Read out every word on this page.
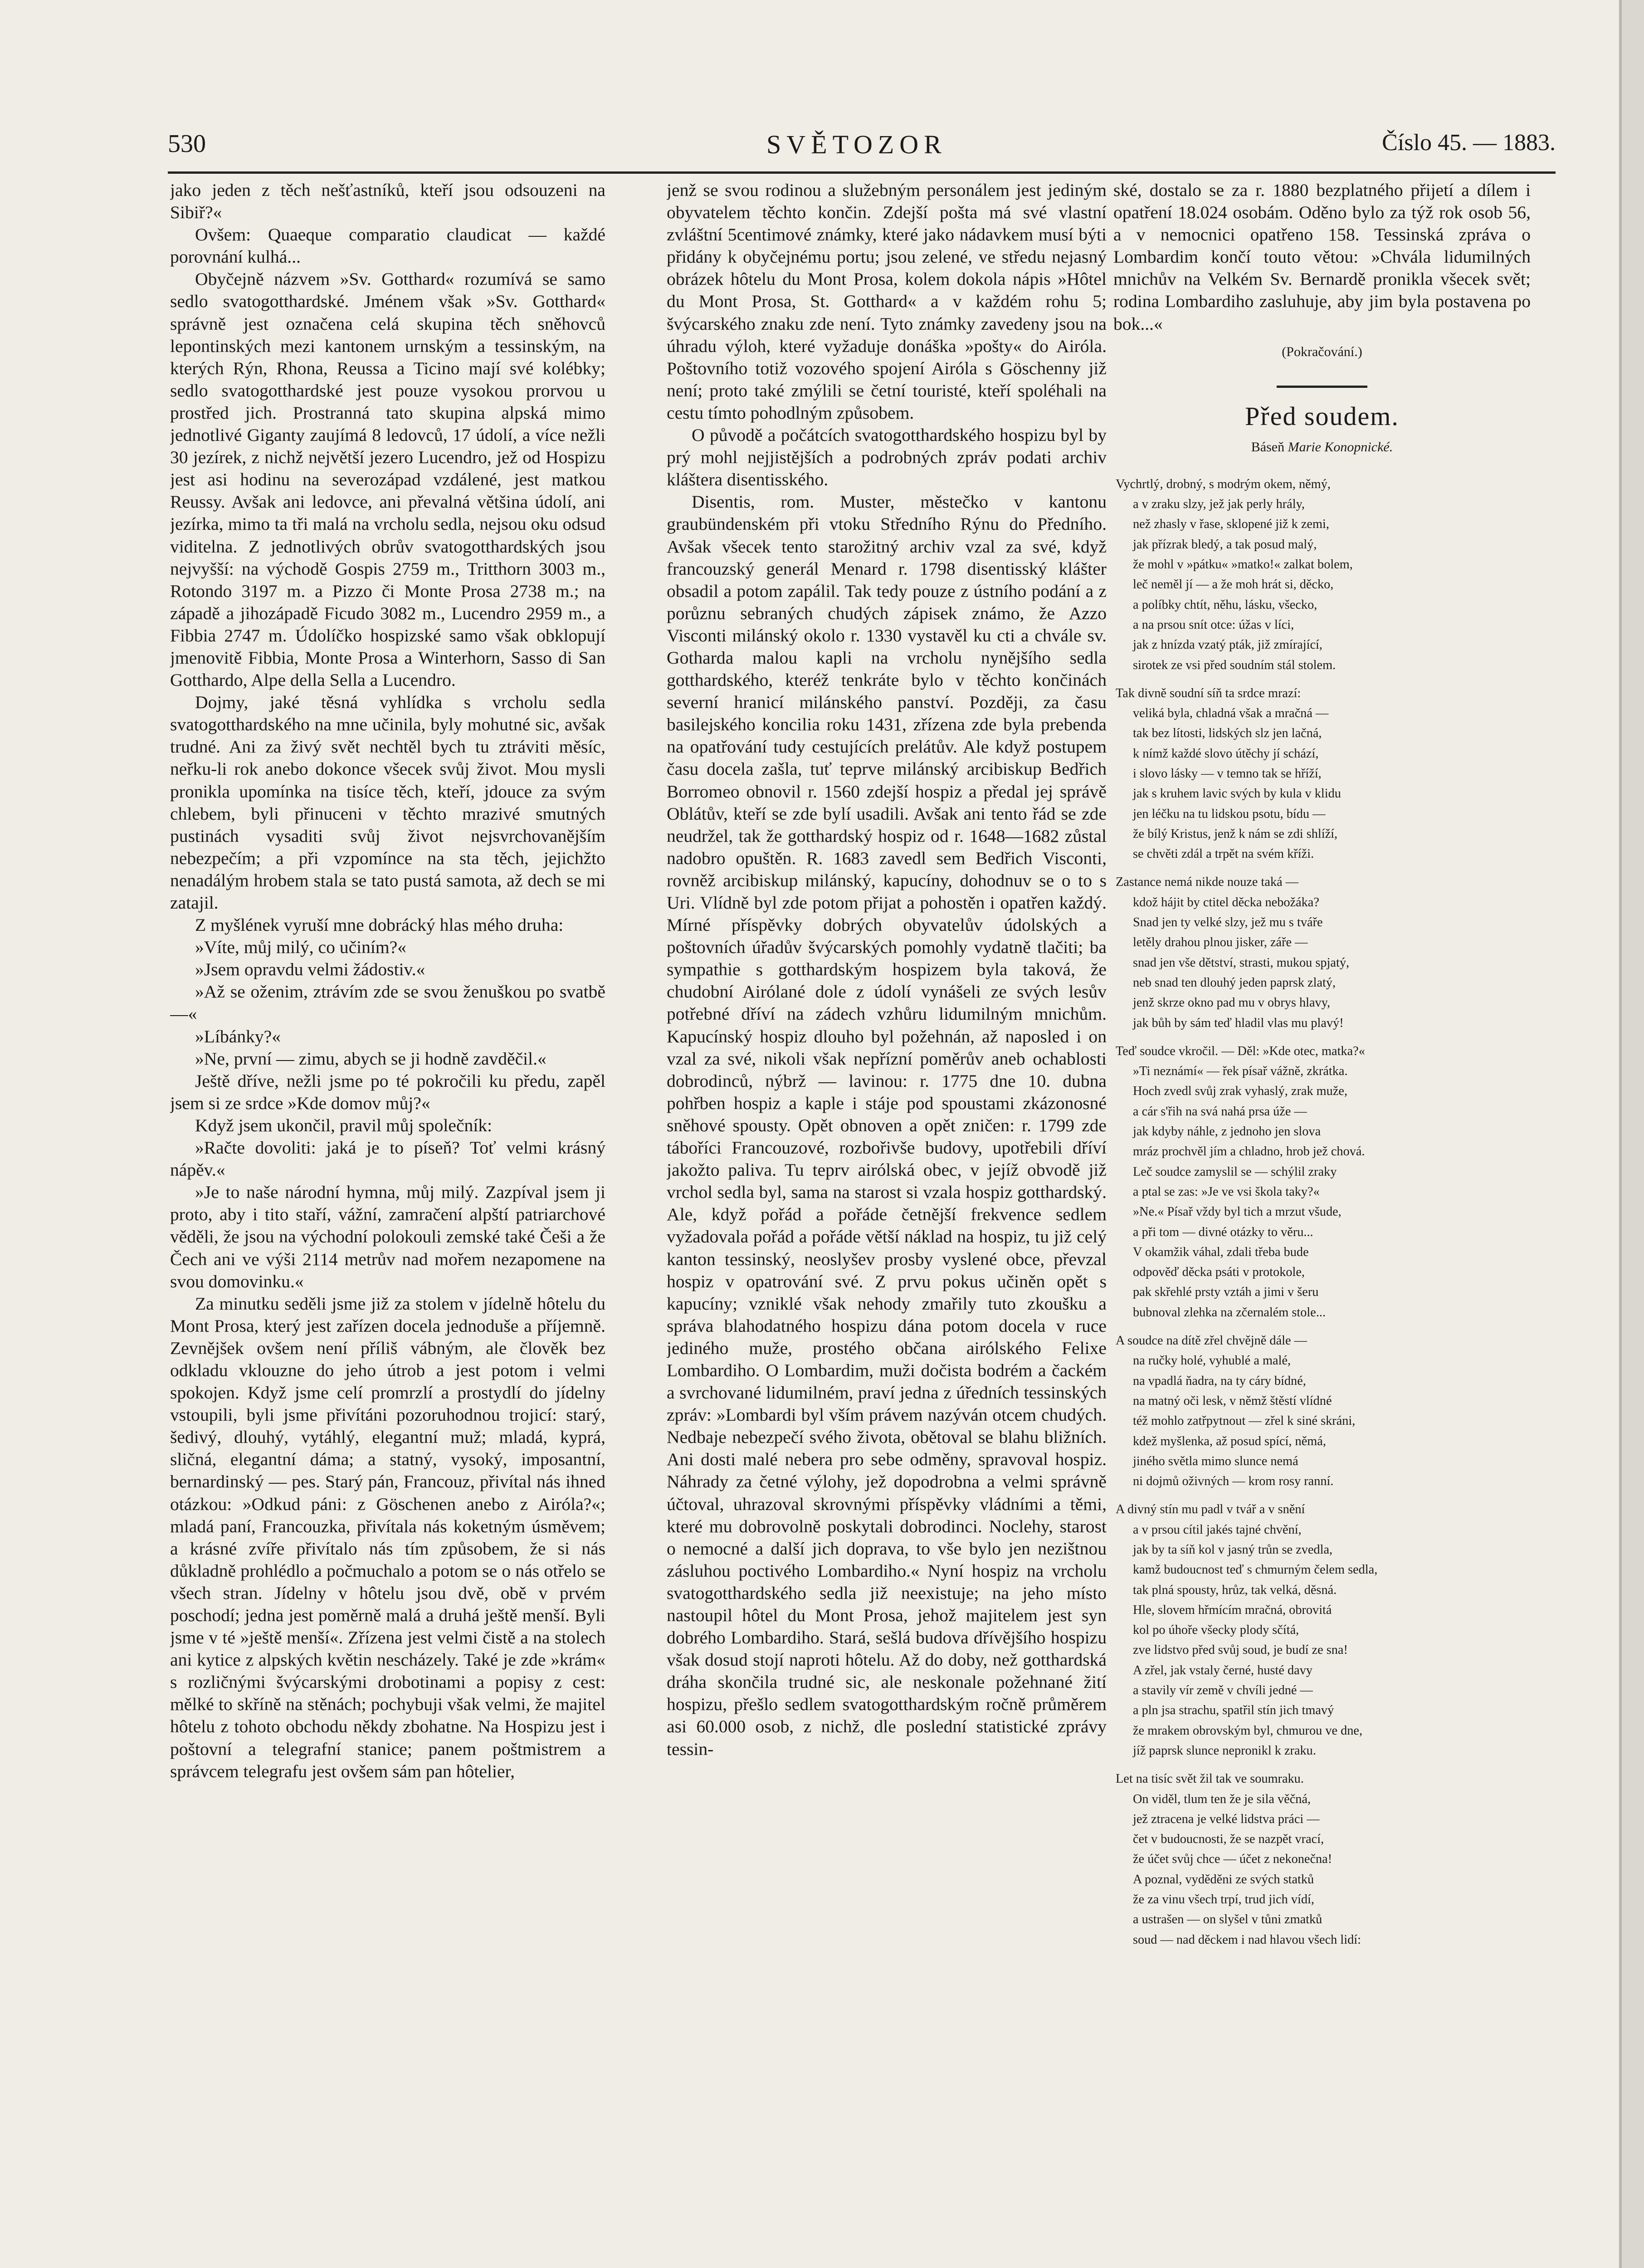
530	SVĚTOZOR	Číslo 45. — 1883.

jako jeden z těch nešťastníků, kteří jsou odsouzeni na Sibiř?«

Ovšem: Quaeque comparatio claudicat — každé porovnání kulhá...

Obyčejně názvem »Sv. Gotthard« rozumívá se samo sedlo svatogotthardské. Jménem však »Sv. Gotthard« správně jest označena celá skupina těch sněhovců lepontinských mezi kantonem urnským a tessinským, na kterých Rýn, Rhona, Reussa a Ticino mají své kolébky; sedlo svatogotthardské jest pouze vysokou prorvou u prostřed jich. Prostranná tato skupina alpská mimo jednotlivé Giganty zaujímá 8 ledovců, 17 údolí, a více nežli 30 jezírek, z nichž největší jezero Lucendro, jež od Hospizu jest asi hodinu na severozápad vzdálené, jest matkou Reussy. Avšak ani ledovce, ani převalná většina údolí, ani jezírka, mimo ta tři malá na vrcholu sedla, nejsou oku odsud viditelna. Z jednotlivých obrův svatogotthardských jsou nejvyšší: na východě Gospis 2759 m., Tritthorn 3003 m., Rotondo 3197 m. a Pizzo či Monte Prosa 2738 m.; na západě a jihozápadě Ficudo 3082 m., Lucendro 2959 m., a Fibbia 2747 m. Údolíčko hospizské samo však obklopují jmenovitě Fibbia, Monte Prosa a Winterhorn, Sasso di San Gotthardo, Alpe della Sella a Lucendro.

Dojmy, jaké těsná vyhlídka s vrcholu sedla svatogotthardského na mne učinila, byly mohutné sic, avšak trudné. Ani za živý svět nechtěl bych tu ztráviti měsíc, neřku-li rok anebo dokonce všecek svůj život. Mou mysli pronikla upomínka na tisíce těch, kteří, jdouce za svým chlebem, byli přinuceni v těchto mrazivé smutných pustinách vysaditi svůj život nejsvrchovanějším nebezpečím; a při vzpomínce na sta těch, jejichžto nenadálým hrobem stala se tato pustá samota, až dech se mi zatajil.

Z myšlének vyruší mne dobrácký hlas mého druha:

»Víte, můj milý, co učiním?«

»Jsem opravdu velmi žádostiv.«

»Až se oženim, ztrávím zde se svou ženuškou po svatbě —«

»Líbánky?«

»Ne, první — zimu, abych se ji hodně zavděčil.«

Ještě dříve, nežli jsme po té pokročili ku předu, zapěl jsem si ze srdce »Kde domov můj?«

Když jsem ukončil, pravil můj společník:

»Račte dovoliti: jaká je to píseň? Toť velmi krásný nápěv.«

»Je to naše národní hymna, můj milý. Zazpíval jsem ji proto, aby i tito staří, vážní, zamračení alpští patriarchové věděli, že jsou na východní polokouli zemské také Češi a že Čech ani ve výši 2114 metrův nad mořem nezapomene na svou domovinku.«

Za minutku seděli jsme již za stolem v jídelně hôtelu du Mont Prosa, který jest zařízen docela jednoduše a příjemně. Zevnějšek ovšem není příliš vábným, ale člověk bez odkladu vklouzne do jeho útrob a jest potom i velmi spokojen. Když jsme celí promrzlí a prostydlí do jídelny vstoupili, byli jsme přivítáni pozoruhodnou trojicí: starý, šedivý, dlouhý, vytáhlý, elegantní muž; mladá, kyprá, sličná, elegantní dáma; a statný, vysoký, imposantní, bernardinský — pes. Starý pán, Francouz, přivítal nás ihned otázkou: »Odkud páni: z Göschenen anebo z Airóla?«; mladá paní, Francouzka, přivítala nás koketným úsměvem; a krásné zvíře přivítalo nás tím způsobem, že si nás důkladně prohlédlo a počmuchalo a potom se o nás otřelo se všech stran. Jídelny v hôtelu jsou dvě, obě v prvém poschodí; jedna jest poměrně malá a druhá ještě menší. Byli jsme v té »ještě menší«. Zřízena jest velmi čistě a na stolech ani kytice z alpských květin nescházely. Také je zde »krám« s rozličnými švýcarskými drobotinami a popisy z cest: mělké to skříně na stěnách; pochybuji však velmi, že majitel hôtelu z tohoto obchodu někdy zbohatne. Na Hospizu jest i poštovní a telegrafní stanice; panem poštmistrem a správcem telegrafu jest ovšem sám pan hôtelier,

jenž se svou rodinou a služebným personálem jest jediným obyvatelem těchto končin. Zdejší pošta má své vlastní zvláštní 5centimové známky, které jako nádavkem musí býti přidány k obyčejnému portu; jsou zelené, ve středu nejasný obrázek hôtelu du Mont Prosa, kolem dokola nápis »Hôtel du Mont Prosa, St. Gotthard« a v každém rohu 5; švýcarského znaku zde není. Tyto známky zavedeny jsou na úhradu výloh, které vyžaduje donáška »pošty« do Airóla. Poštovního totiž vozového spojení Airóla s Göschenny již není; proto také zmýlili se četní touristé, kteří spoléhali na cestu tímto pohodlným způsobem.

O původě a počátcích svatogotthardského hospizu byl by prý mohl nejjistějších a podrobných zpráv podati archiv kláštera disentisského.

Disentis, rom. Muster, městečko v kantonu graubündenském při vtoku Středního Rýnu do Předního. Avšak všecek tento starožitný archiv vzal za své, když francouzský generál Menard r. 1798 disentisský klášter obsadil a potom zapálil. Tak tedy pouze z ústního podání a z porůznu sebraných chudých zápisek známo, že Azzo Visconti milánský okolo r. 1330 vystavěl ku cti a chvále sv. Gotharda malou kapli na vrcholu nynějšího sedla gotthardského, kteréž tenkráte bylo v těchto končinách severní hranicí milánského panství. Později, za času basilejského koncilia roku 1431, zřízena zde byla prebenda na opatřování tudy cestujících prelátův. Ale když postupem času docela zašla, tuť teprve milánský arcibiskup Bedřich Borromeo obnovil r. 1560 zdejší hospiz a předal jej správě Oblátův, kteří se zde bylí usadili. Avšak ani tento řád se zde neudržel, tak že gotthardský hospiz od r. 1648—1682 zůstal nadobro opuštěn. R. 1683 zavedl sem Bedřich Visconti, rovněž arcibiskup milánský, kapucíny, dohodnuv se o to s Uri. Vlídně byl zde potom přijat a pohostěn i opatřen každý. Mírné příspěvky dobrých obyvatelův údolských a poštovních úřadův švýcarských pomohly vydatně tlačiti; ba sympathie s gotthardským hospizem byla taková, že chudobní Airólané dole z údolí vynášeli ze svých lesův potřebné dříví na zádech vzhůru lidumilným mnichům. Kapucínský hospiz dlouho byl požehnán, až naposled i on vzal za své, nikoli však nepřízní poměrův aneb ochablosti dobrodinců, nýbrž — lavinou: r. 1775 dne 10. dubna pohřben hospiz a kaple i stáje pod spoustami zkázonosné sněhové spousty. Opět obnoven a opět zničen: r. 1799 zde táboříci Francouzové, rozbořivše budovy, upotřebili dříví jakožto paliva. Tu teprv airólská obec, v jejíž obvodě již vrchol sedla byl, sama na starost si vzala hospiz gotthardský. Ale, když pořád a pořáde četnější frekvence sedlem vyžadovala pořád a pořáde větší náklad na hospiz, tu již celý kanton tessinský, neoslyšev prosby vyslené obce, převzal hospiz v opatrování své. Z prvu pokus učiněn opět s kapucíny; vzniklé však nehody zmařily tuto zkoušku a správa blahodatného hospizu dána potom docela v ruce jediného muže, prostého občana airólského Felixe Lombardiho. O Lombardim, muži dočista bodrém a čackém a svrchované lidumilném, praví jedna z úředních tessinských zpráv: »Lombardi byl vším právem nazýván otcem chudých. Nedbaje nebezpečí svého života, obětoval se blahu bližních. Ani dosti malé nebera pro sebe odměny, spravoval hospiz. Náhrady za četné výlohy, jež dopodrobna a velmi správně účtoval, uhrazoval skrovnými příspěvky vládními a těmi, které mu dobrovolně poskytali dobrodinci. Noclehy, starost o nemocné a další jich doprava, to vše bylo jen nezištnou zásluhou poctivého Lombardiho.« Nyní hospiz na vrcholu svatogotthardského sedla již neexistuje; na jeho místo nastoupil hôtel du Mont Prosa, jehož majitelem jest syn dobrého Lombardiho. Stará, sešlá budova dřívějšího hospizu však dosud stojí naproti hôtelu. Až do doby, než gotthardská dráha skončila trudné sic, ale neskonale požehnané žití hospizu, přešlo sedlem svatogotthardským ročně průměrem asi 60.000 osob, z nichž, dle poslední statistické zprávy tessin-

ské, dostalo se za r. 1880 bezplatného přijetí a dílem i opatření 18.024 osobám. Oděno bylo za týž rok osob 56, a v nemocnici opatřeno 158. Tessinská zpráva o Lombardim končí touto větou: »Chvála lidumilných mnichův na Velkém Sv. Bernardě pronikla všecek svět; rodina Lombardiho zasluhuje, aby jim byla postavena po bok...«

(Pokračování.)

Před soudem.

Báseň Marie Konopnické.

Vychrtlý, drobný, s modrým okem, němý,

a v zraku slzy, jež jak perly hrály,

než zhasly v řase, sklopené již k zemi,

jak přízrak bledý, a tak posud malý,

že mohl v »pátku« »matko!« zalkat bolem,

leč neměl jí — a že moh hrát si, děcko,

a políbky chtít, něhu, lásku, všecko,

a na prsou snít otce: úžas v líci,

jak z hnízda vzatý pták, již zmírající,

sirotek ze vsi před soudním stál stolem.

Tak divně soudní síň ta srdce mrazí:

veliká byla, chladná však a mračná —

tak bez lítosti, lidských slz jen lačná,

k nímž každé slovo útěchy jí schází,

i slovo lásky — v temno tak se hříží,

jak s kruhem lavic svých by kula v klidu

jen léčku na tu lidskou psotu, bídu —

že bílý Kristus, jenž k nám se zdi shlíží,

se chvěti zdál a trpět na svém kříži.

Zastance nemá nikde nouze taká —

kdož hájit by ctitel děcka nebožáka?

Snad jen ty velké slzy, jež mu s tváře

letěly drahou plnou jisker, záře —

snad jen vše dětství, strasti, mukou spjatý,

neb snad ten dlouhý jeden paprsk zlatý,

jenž skrze okno pad mu v obrys hlavy,

jak bůh by sám teď hladil vlas mu plavý!

Teď soudce vkročil. — Děl: »Kde otec, matka?«

»Ti neznámí« — řek písař vážně, zkrátka.

Hoch zvedl svůj zrak vyhaslý, zrak muže,

a cár s'řih na svá nahá prsa úže —

jak kdyby náhle, z jednoho jen slova

mráz prochvěl jím a chladno, hrob jež chová.

Leč soudce zamyslil se — schýlil zraky

a ptal se zas: »Je ve vsi škola taky?«

»Ne.« Písař vždy byl tich a mrzut všude,

a při tom — divné otázky to věru...

V okamžik váhal, zdali třeba bude

odpověď děcka psáti v protokole,

pak skřehlé prsty vztáh a jimi v šeru

bubnoval zlehka na zčernalém stole...

A soudce na dítě zřel chvějně dále —

na ručky holé, vyhublé a malé,

na vpadlá ňadra, na ty cáry bídné,

na matný oči lesk, v němž štěstí vlídné

též mohlo zatřpytnout — zřel k siné skráni,

kdež myšlenka, až posud spící, němá,

jiného světla mimo slunce nemá

ni dojmů oživných — krom rosy ranní.

A divný stín mu padl v tvář a v snění

a v prsou cítil jakés tajné chvění,

jak by ta síň kol v jasný trůn se zvedla,

kamž budoucnost teď s chmurným čelem sedla,

tak plná spousty, hrůz, tak velká, děsná.

Hle, slovem hřmícím mračná, obrovitá

kol po úhoře všecky plody sčítá,

zve lidstvo před svůj soud, je budí ze sna!

A zřel, jak vstaly černé, husté davy

a stavily vír země v chvíli jedné —

a pln jsa strachu, spatřil stín jich tmavý

že mrakem obrovským byl, chmurou ve dne,

jíž paprsk slunce nepronikl k zraku.

Let na tisíc svět žil tak ve soumraku.

On viděl, tlum ten že je sila věčná,

jež ztracena je velké lidstva práci —

čet v budoucnosti, že se nazpět vrací,

že účet svůj chce — účet z nekonečna!

A poznal, vyděděni ze svých statků

že za vinu všech trpí, trud jich vídí,

a ustrašen — on slyšel v tůni zmatků

soud — nad děckem i nad hlavou všech lidí:
